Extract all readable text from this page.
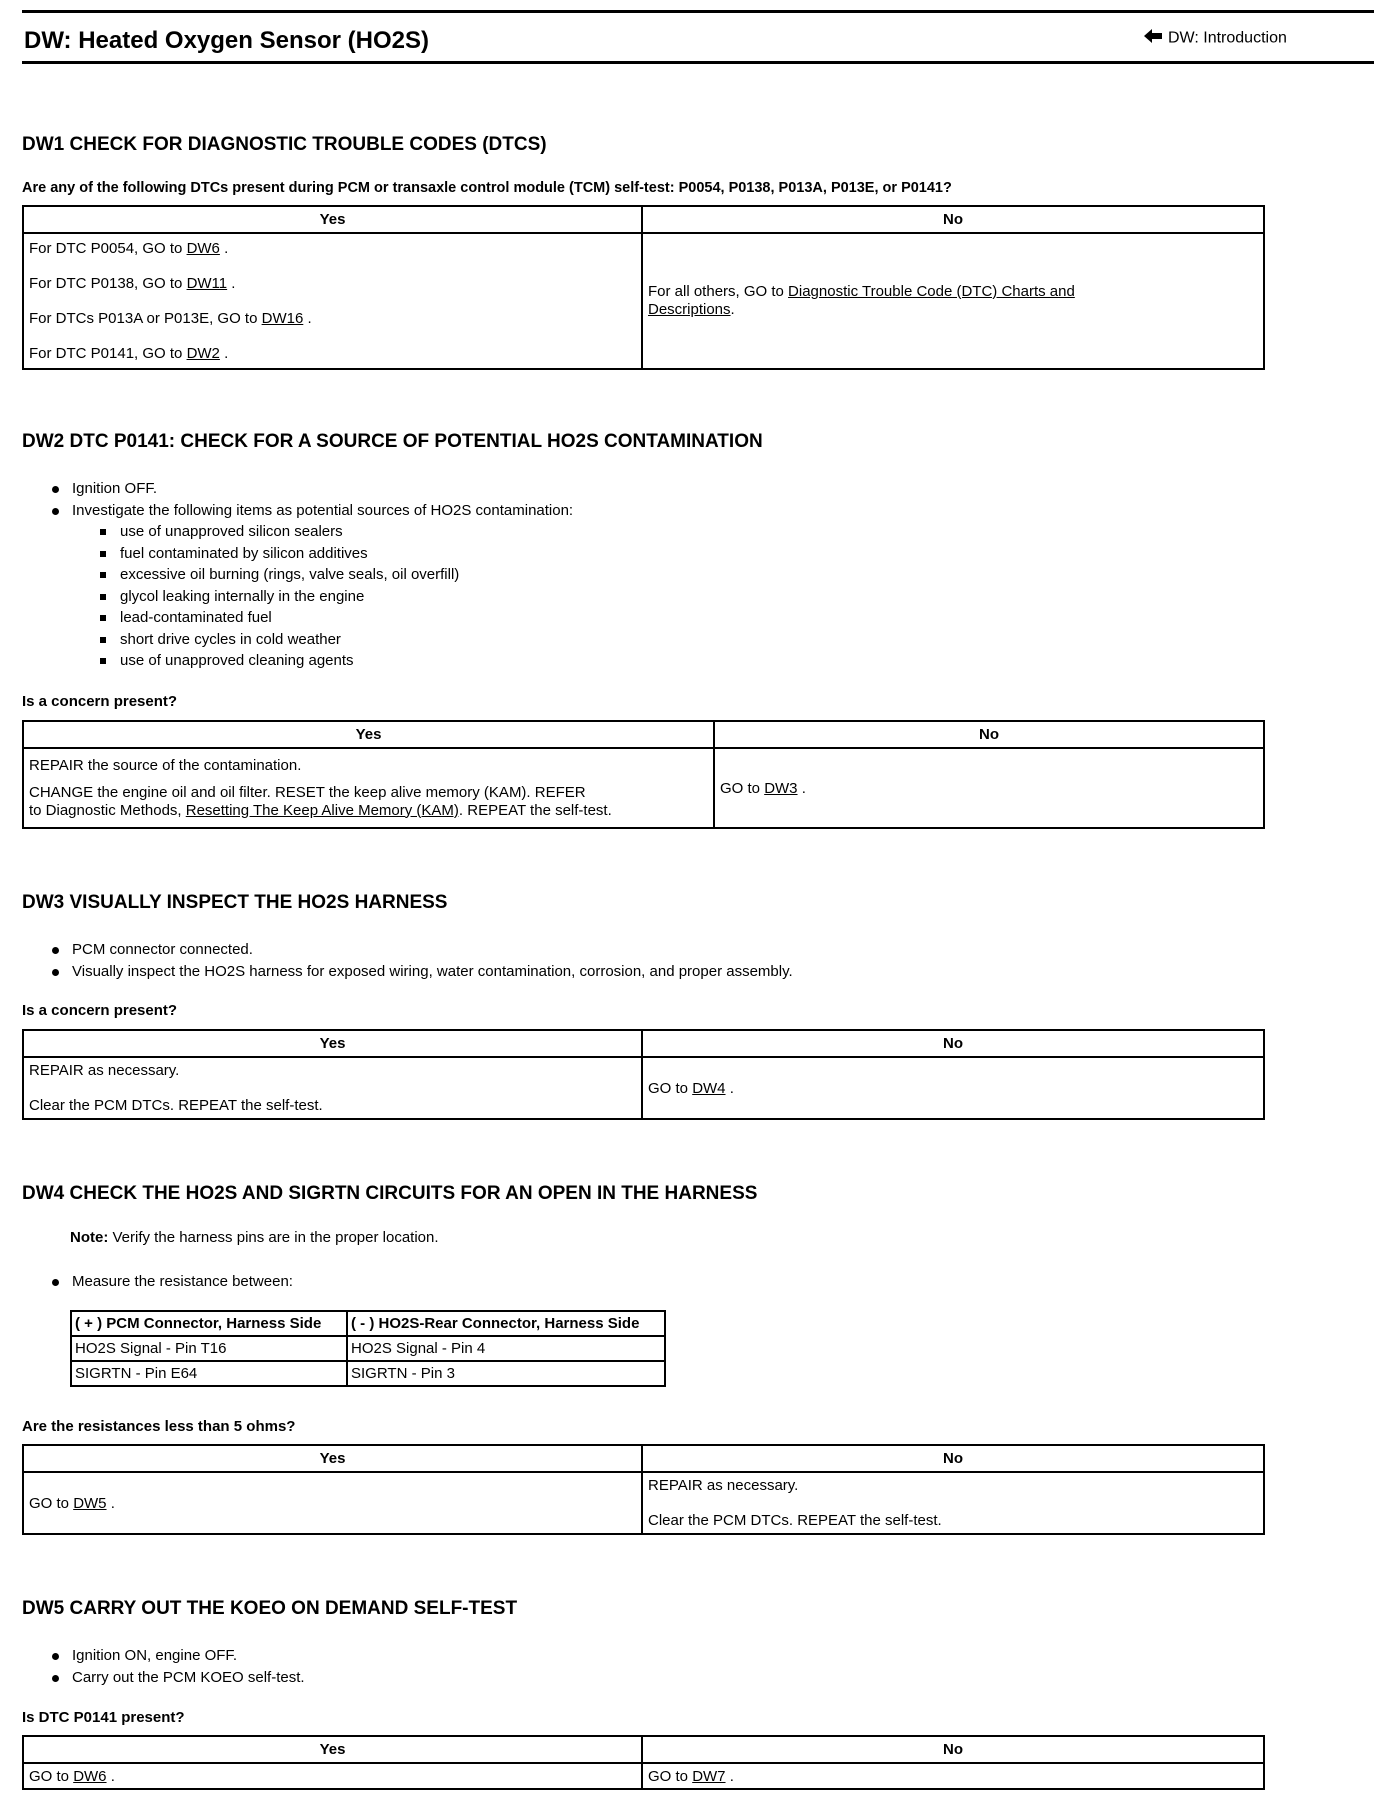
DW: Heated Oxygen Sensor (HO2S)	DW: Introduction
DW1 CHECK FOR DIAGNOSTIC TROUBLE CODES (DTCS)
Are any of the following DTCs present during PCM or transaxle control module (TCM) self-test: P0054, P0138, P013A, P013E, or P0141?
Yes	No

For DTC P0054, GO to DW6 .
For DTC P0138, GO to DW11 .
For DTCs P013A or P013E, GO to DW16 .
For DTC P0141, GO to DW2 .	For all others, GO to Diagnostic Trouble Code (DTC) Charts and Descriptions.
DW2 DTC P0141: CHECK FOR A SOURCE OF POTENTIAL HO2S CONTAMINATION
Ignition OFF.
Investigate the following items as potential sources of HO2S contamination:
use of unapproved silicon sealers
fuel contaminated by silicon additives
excessive oil burning (rings, valve seals, oil overfill)
glycol leaking internally in the engine
lead-contaminated fuel
short drive cycles in cold weather
use of unapproved cleaning agents
Is a concern present?
Yes	No

REPAIR the source of the contamination.
CHANGE the engine oil and oil filter. RESET the keep alive memory (KAM). REFER
to Diagnostic Methods, Resetting The Keep Alive Memory (KAM). REPEAT the self-test.	GO to DW3 .
DW3 VISUALLY INSPECT THE HO2S HARNESS
PCM connector connected.
Visually inspect the HO2S harness for exposed wiring, water contamination, corrosion, and proper assembly.
Is a concern present?
Yes	No

REPAIR as necessary.
Clear the PCM DTCs. REPEAT the self-test.	GO to DW4 .
DW4 CHECK THE HO2S AND SIGRTN CIRCUITS FOR AN OPEN IN THE HARNESS
Note: Verify the harness pins are in the proper location.
Measure the resistance between:
( + ) PCM Connector, Harness Side	( - ) HO2S-Rear Connector, Harness Side
HO2S Signal - Pin T16	HO2S Signal - Pin 4
SIGRTN - Pin E64	SIGRTN - Pin 3
Are the resistances less than 5 ohms?
Yes	No
GO to DW5 .	REPAIR as necessary.
Clear the PCM DTCs. REPEAT the self-test.
DW5 CARRY OUT THE KOEO ON DEMAND SELF-TEST
Ignition ON, engine OFF.
Carry out the PCM KOEO self-test.
Is DTC P0141 present?
Yes	No
GO to DW6 .	GO to DW7 .
